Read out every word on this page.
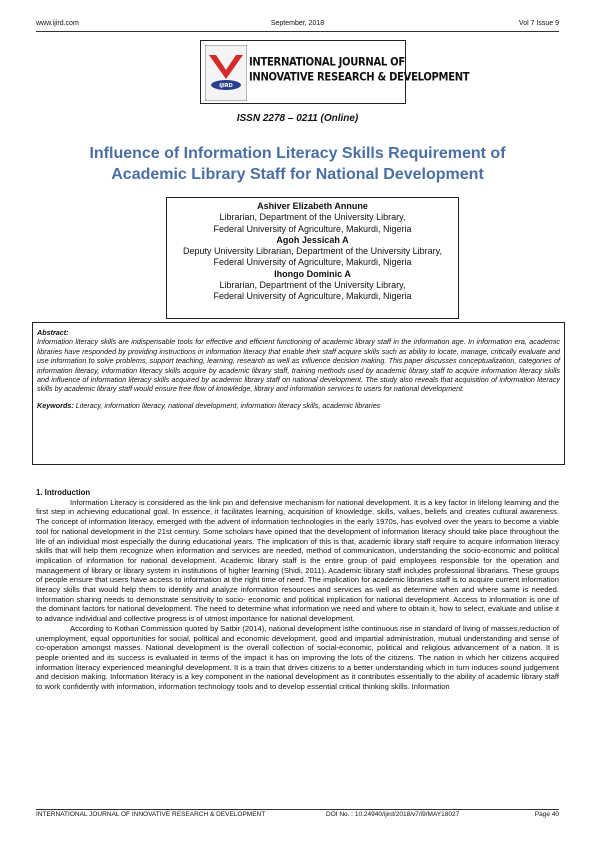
www.ijird.com	September, 2018	Vol 7 Issue 9
IJIRD
INTERNATIONAL JOURNAL OF
INNOVATIVE RESEARCH & DEVELOPMENT
ISSN 2278 – 0211 (Online)
Influence of Information Literacy Skills Requirement of
Academic Library Staff for National Development
Ashiver Elizabeth Annune
Librarian, Department of the University Library,
Federal University of Agriculture, Makurdi, Nigeria
Agoh Jessicah A
Deputy University Librarian, Department of the University Library,
Federal University of Agriculture, Makurdi, Nigeria
Ihongo Dominic A
Librarian, Department of the University Library,
Federal University of Agriculture, Makurdi, Nigeria
Abstract:
Information literacy skills are indispensable tools for effective and efficient functioning of academic library staff in the information age. In information era, academic libraries have responded by providing instructions in information literacy that enable their staff acquire skills such as ability to locate, manage, critically evaluate and use information to solve problems, support teaching, learning, research as well as influence decision making. This paper discusses conceptualization, categories of information literacy, information literacy skills acquire by academic library staff, training methods used by academic library staff to acquire information literacy skills and influence of information literacy skills acquired by academic library staff on national development. The study also reveals that acquisition of information literacy skills by academic library staff would ensure free flow of knowledge, library and information services to users for national development.
Keywords: Literacy, information literacy, national development, information literacy skills, academic libraries
1. Introduction

Information Literacy is considered as the link pin and defensive mechanism for national development. It is a key factor in lifelong learning and the first step in achieving educational goal. In essence, it facilitates learning, acquisition of knowledge, skills, values, beliefs and creates cultural awareness. The concept of information literacy, emerged with the advent of information technologies in the early 1970s, has evolved over the years to become a viable tool for national development in the 21st century. Some scholars have opined that the development of information literacy should take place throughout the life of an individual most especially the during educational years. The implication of this is that, academic library staff require to acquire information literacy skills that will help them recognize when information and services are needed, method of communication, understanding the socio-economic and political implication of information for national development. Academic library staff is the entire group of paid employees responsible for the operation and management of library or library system in institutions of higher learning (Shidi, 2011). Academic library staff includes professional librarians. These groups of people ensure that users have access to information at the right time of need. The implication for academic libraries staff is to acquire current information literacy skills that would help them to identify and analyze information resources and services as well as determine when and where same is needed. Information sharing needs to demonstrate sensitivity to socio- economic and political implication for national development. Access to information is one of the dominant factors for national development. The need to determine what information we need and where to obtain it, how to select, evaluate and utilise it to advance individual and collective progress is of utmost importance for national development.

According to Kothari Commission quoted by Satbir (2014), national development isthe continuous rise in standard of living of masses,reduction of unemployment, equal opportunities for social, political and economic development, good and impartial administration, mutual understanding and sense of co-operation amongst masses. National development is the overall collection of social-economic, political and religious advancement of a nation. It is people oriented and its success is evaluated in terms of the impact it has on improving the lots of the citizens. The nation in which her citizens acquired information literacy experienced meaningful development. It is a train that drives citizens to a better understanding which in turn induces sound judgement and decision making. Information literacy is a key component in the national development as it contributes essentially to the ability of academic library staff to work confidently with information, information technology tools and to develop essential critical thinking skills. Information

INTERNATIONAL JOURNAL OF INNOVATIVE RESEARCH & DEVELOPMENT	DOI No. : 10.24940/ijird/2018/v7/i9/MAY18027	Page 40
